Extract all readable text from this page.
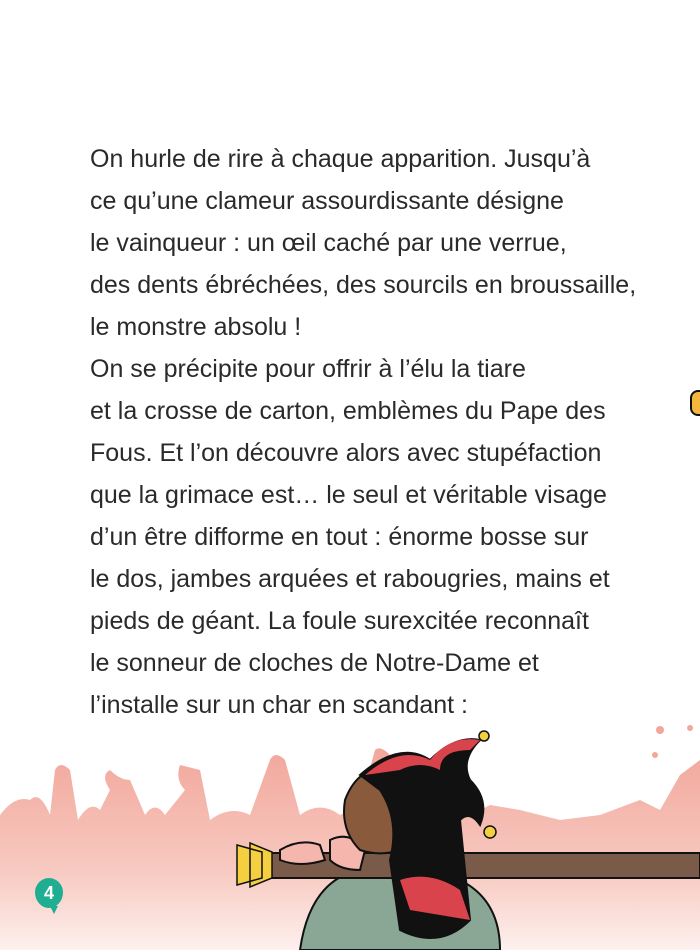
On hurle de rire à chaque apparition. Jusqu’à
ce qu’une clameur assourdissante désigne
le vainqueur : un œil caché par une verrue,
des dents ébréchées, des sourcils en broussaille,
le monstre absolu !
On se précipite pour offrir à l’élu la tiare
et la crosse de carton, emblèmes du Pape des
Fous. Et l’on découvre alors avec stupéfaction
que la grimace est… le seul et véritable visage
d’un être difforme en tout : énorme bosse sur
le dos, jambes arquées et rabougries, mains et
pieds de géant. La foule surexcitée reconnaît
le sonneur de cloches de Notre-Dame et
l’installe sur un char en scandant :
4
